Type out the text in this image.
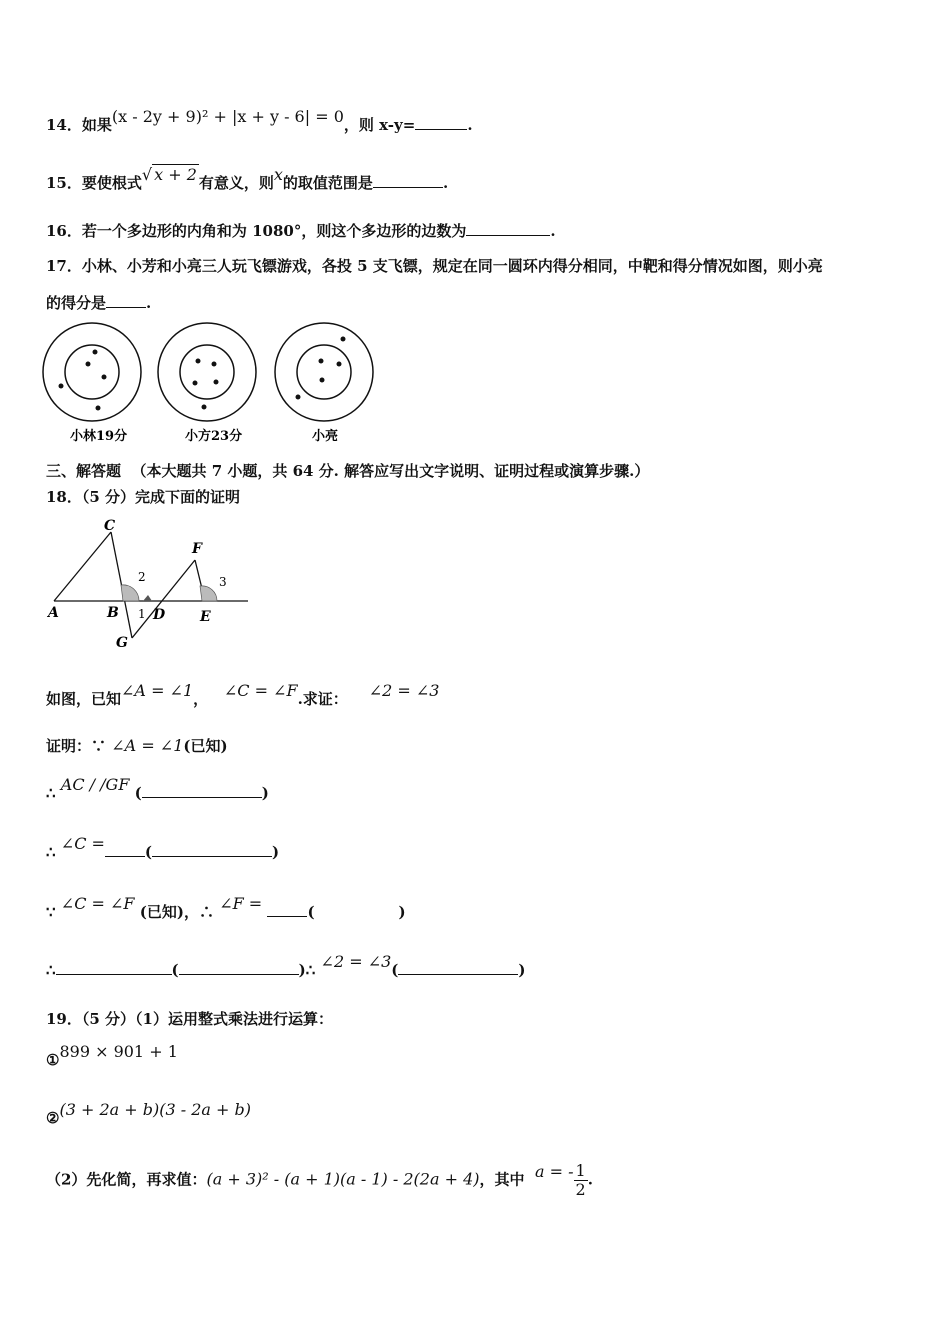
14．如果(x - 2y + 9)² + |x + y - 6| = 0，则 x-y=	.
15．要使根式√ x + 2 有意义，则x的取值范围是	.
16．若一个多边形的内角和为 1080°，则这个多边形的边数为	.
17．小林、小芳和小亮三人玩飞镖游戏，各投 5 支飞镖，规定在同一圆环内得分相同，中靶和得分情况如图，则小亮
的得分是	.
小林19分	小方23分	小亮
三、解答题 （本大题共 7 小题，共 64 分. 解答应写出文字说明、证明过程或演算步骤.）
18．（5 分）完成下面的证明
C
F
2	3
A	B 1 D E
G
如图，已知∠A = ∠1， ∠C = ∠F.求证： ∠2 = ∠3
证明：∵ ∠A = ∠1(已知)
∴ AC / /GF (	)
∴ ∠C =	(	)
∵ ∠C = ∠F (已知)，∴ ∠F =	(	)
∴	(	)∴ ∠2 = ∠3(	)
19．（5 分）（1）运用整式乘法进行运算：
①899 × 901 + 1
②(3 + 2a + b)(3 - 2a + b)
（2）先化简，再求值：(a + 3)² - (a + 1)(a - 1) - 2(2a + 4)，其中 a = - $\frac{1}{2}$ .
